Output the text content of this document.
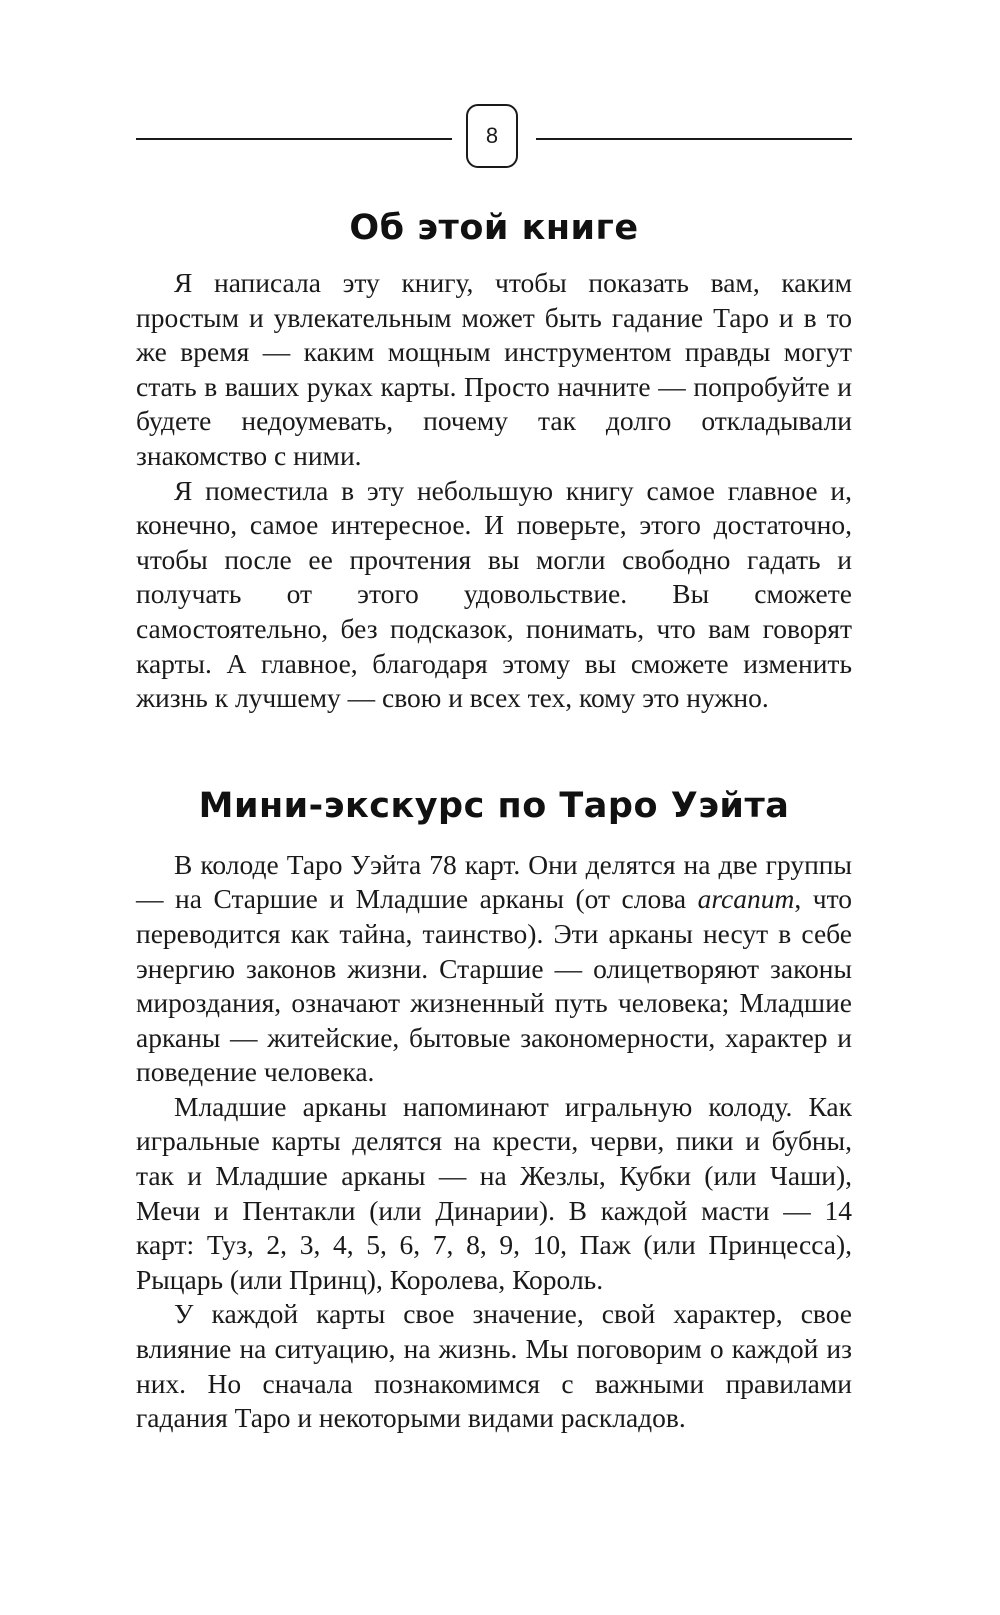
8
Об этой книге

Я написала эту книгу, чтобы показать вам, каким простым и увлекательным может быть гадание Таро и в то же время — каким мощным инструментом правды могут стать в ваших руках карты. Просто начните — попробуйте и будете недоумевать, почему так долго откладывали знакомство с ними.

Я поместила в эту небольшую книгу самое главное и, конечно, самое интересное. И поверьте, этого достаточно, чтобы после ее прочтения вы могли свободно гадать и получать от этого удовольствие. Вы сможете самостоятельно, без подсказок, понимать, что вам говорят карты. А главное, благодаря этому вы сможете изменить жизнь к лучшему — свою и всех тех, кому это нужно.

Мини-экскурс по Таро Уэйта

В колоде Таро Уэйта 78 карт. Они делятся на две группы — на Старшие и Младшие арканы (от слова arcanum, что переводится как тайна, таинство). Эти арканы несут в себе энергию законов жизни. Старшие — олицетворяют законы мироздания, означают жизненный путь человека; Младшие арканы — житейские, бытовые закономерности, характер и поведение человека.

Младшие арканы напоминают игральную колоду. Как игральные карты делятся на крести, черви, пики и бубны, так и Младшие арканы — на Жезлы, Кубки (или Чаши), Мечи и Пентакли (или Динарии). В каждой масти — 14 карт: Туз, 2, 3, 4, 5, 6, 7, 8, 9, 10, Паж (или Принцесса), Рыцарь (или Принц), Королева, Король.

У каждой карты свое значение, свой характер, свое влияние на ситуацию, на жизнь. Мы поговорим о каждой из них. Но сначала познакомимся с важными правилами гадания Таро и некоторыми видами раскладов.
